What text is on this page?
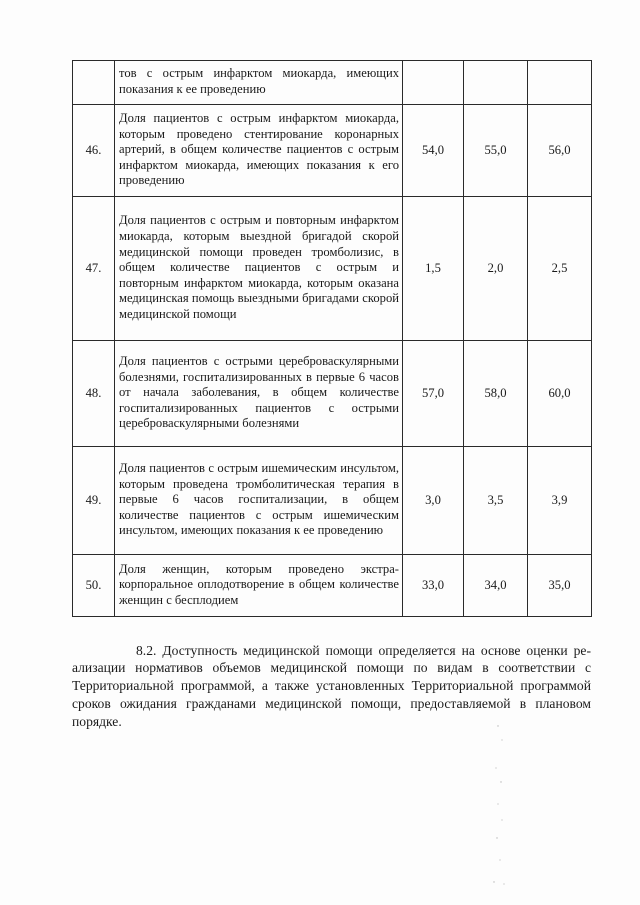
	тов с острым инфарктом миокарда, имеющих показания к ее проведению			
46.	Доля пациентов с острым инфарктом миокарда, которым проведено стентирование коронарных артерий, в общем количестве пациентов с острым инфарктом миокарда, имеющих показания к его проведению	54,0	55,0	56,0
47.	Доля пациентов с острым и повторным инфарктом миокарда, которым выездной бригадой скорой медицинской помощи проведен тромболизис, в общем количестве пациентов с острым и повторным инфарктом миокарда, которым оказана медицинская помощь выездными бригадами скорой медицинской помощи	1,5	2,0	2,5
48.	Доля пациентов с острыми цереброваскулярными болезнями, госпитализированных в первые 6 часов от начала заболевания, в общем количестве госпитализированных пациентов с острыми цереброваскулярными болезнями	57,0	58,0	60,0
49.	Доля пациентов с острым ишемическим инсультом, которым проведена тромболитическая терапия в первые 6 часов госпитализации, в общем количестве пациентов с острым ишемическим инсультом, имеющих показания к ее проведению	3,0	3,5	3,9
50.	Доля женщин, которым проведено экстракорпоральное оплодотворение в общем количестве женщин с бесплодием	33,0	34,0	35,0

8.2. Доступность медицинской помощи определяется на основе оценки реализации нормативов объемов медицинской помощи по видам в соответствии с Территориальной программой, а также установленных Территориальной программой сроков ожидания гражданами медицинской помощи, предоставляемой в плановом порядке.
